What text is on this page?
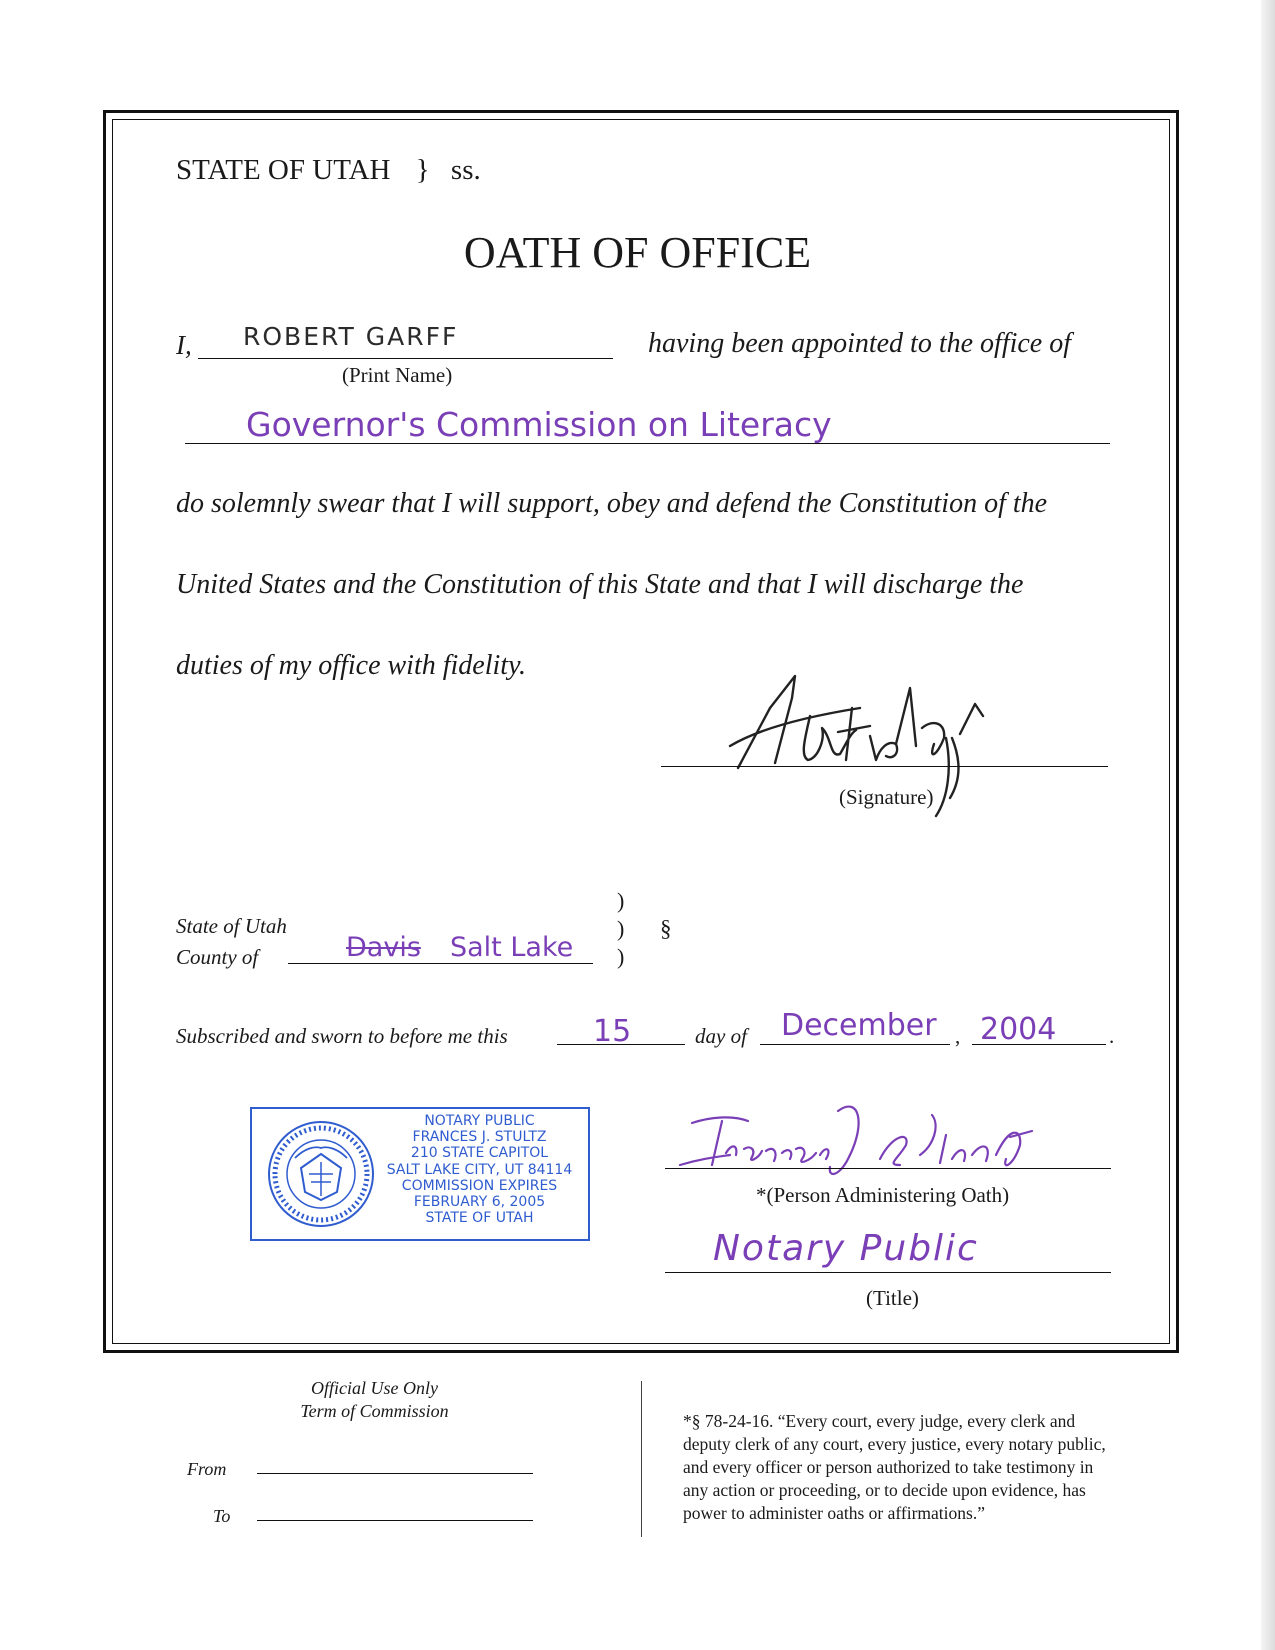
STATE OF UTAH } ss.
OATH OF OFFICE
I, ROBERT GARFF	having been appointed to the office of
(Print Name)
Governor's Commission on Literacy
do solemnly swear that I will support, obey and defend the Constitution of the
United States and the Constitution of this State and that I will discharge the
duties of my office with fidelity.
(Signature)
State of Utah
County of	Davis Salt Lake
)
)
)
§
Subscribed and sworn to before me this	15	day of December , 2004	.
NOTARY PUBLIC
FRANCES J. STULTZ
210 STATE CAPITOL
SALT LAKE CITY, UT 84114
COMMISSION EXPIRES
FEBRUARY 6, 2005
STATE OF UTAH
*(Person Administering Oath)
Notary Public
(Title)
Official Use Only
Term of Commission
From
To
*§ 78-24-16. “Every court, every judge, every clerk and
deputy clerk of any court, every justice, every notary public,
and every officer or person authorized to take testimony in
any action or proceeding, or to decide upon evidence, has
power to administer oaths or affirmations.”
